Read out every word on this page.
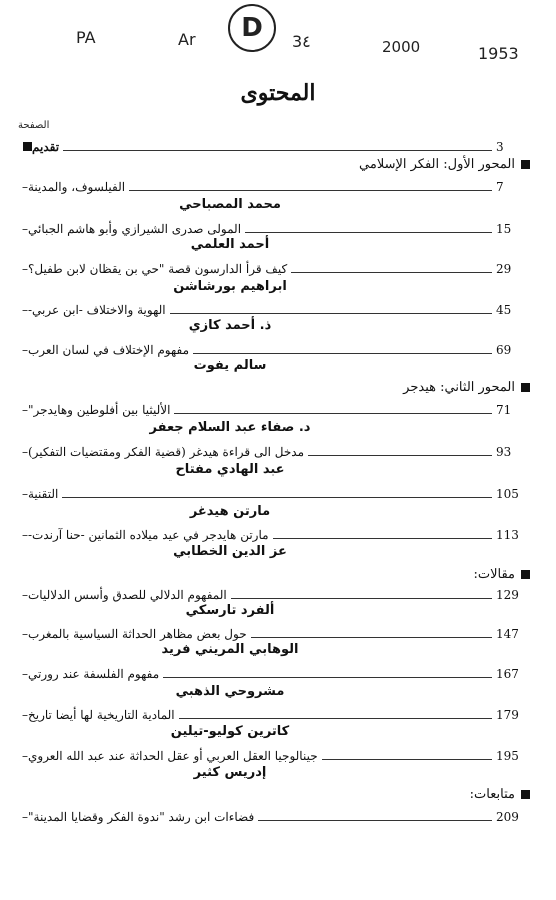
PA	Ar	D	3٤	2000	1953
المحتوى
الصفحة
تقديم	3
المحور الأول: الفكر الإسلامي
– الفيلسوف، والمدينة	7
محمد المصباحي
– المولى صدرى الشيرازي وأبو هاشم الجبائي	15
أحمد العلمي
– كيف قرأ الدارسون قصة "حي بن يقظان لابن طفيل؟	29
ابراهيم بورشاشن
– الهوية والاختلاف -ابن عربي-	45
ذ. أحمد كازي
– مفهوم الإختلاف في لسان العرب	69
سالم يفوت
المحور الثاني: هيدجر
– الأليثيا بين أفلوطين وهايدجر"	71
د. صفاء عبد السلام جعفر
– مدخل الى قراءة هيدغر (قضية الفكر ومقتضيات التفكير)	93
عبد الهادي مفتاح
– التقنية	105
مارتن هيدغر
– مارتن هايدجر في عيد ميلاده الثمانين -حنا آرندت-	113
عز الدين الخطابي
مقالات:
– المفهوم الدلالي للصدق وأسس الدلاليات	129
ألفرد تارسكي
– حول بعض مظاهر الحداثة السياسية بالمغرب	147
الوهابي المريني فريد
– مفهوم الفلسفة عند رورتي	167
مشروحي الذهبي
– المادية التاريخية لها أيضا تاريخ	179
كاترين كوليو-تيلين
– جينالوجيا العقل العربي أو عقل الحداثة عند عبد الله العروي	195
إدريس كثير
متابعات:
– فضاءات ابن رشد "ندوة الفكر وقضايا المدينة"	209
